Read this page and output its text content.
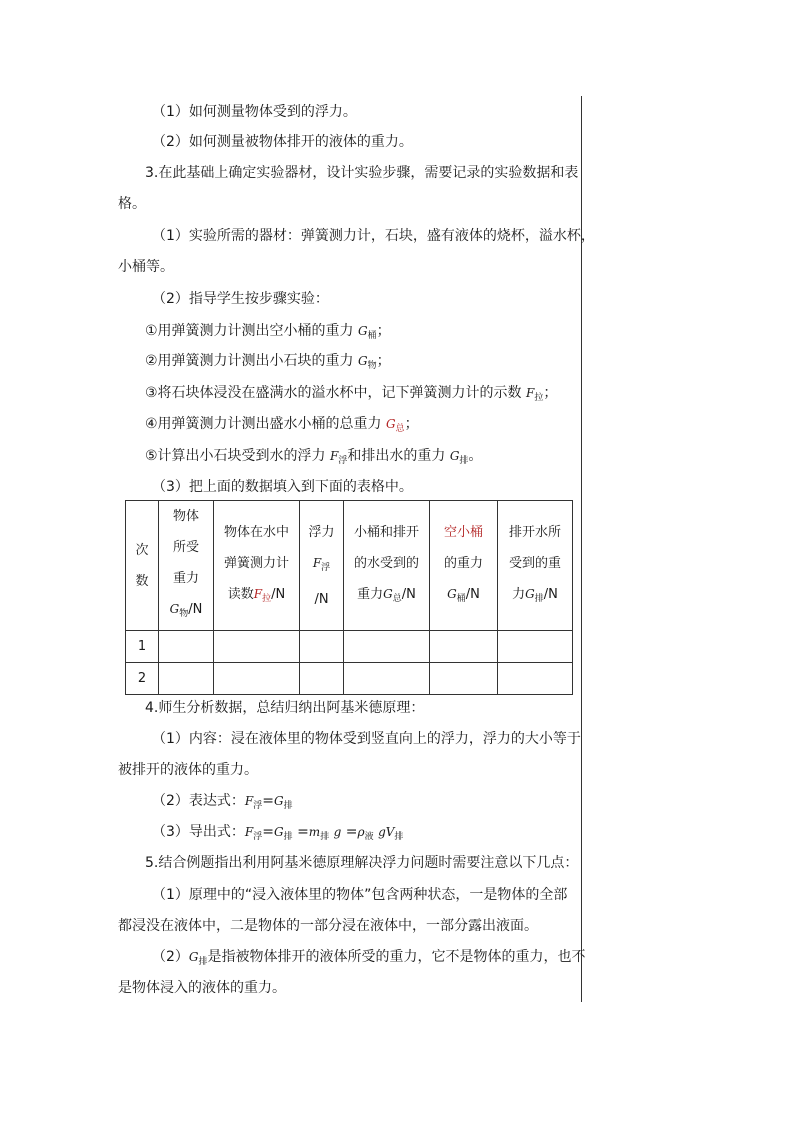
（1）如何测量物体受到的浮力。
（2）如何测量被物体排开的液体的重力。
3.在此基础上确定实验器材，设计实验步骤，需要记录的实验数据和表
格。
（1）实验所需的器材：弹簧测力计，石块，盛有液体的烧杯，溢水杯，
小桶等。
（2）指导学生按步骤实验：
①用弹簧测力计测出空小桶的重力 $G_桶$；
②用弹簧测力计测出小石块的重力 $G_物$；
③将石块体浸没在盛满水的溢水杯中，记下弹簧测力计的示数 $F_拉$；
④用弹簧测力计测出盛水小桶的总重力 $G_总$；
⑤计算出小石块受到水的浮力 $F_浮$和排出水的重力 $G_排$。
（3）把上面的数据填入到下面的表格中。
次
数	物体
所受
重力
$G_物/N$	物体在水中
弹簧测力计
读数$F_拉/N$	浮力
$F_浮$
/N	小桶和排开
的水受到的
重力$G_总/N$	空小桶
的重力
$G_桶/N$	排开水所
受到的重
力$G_排/N$
1						
2						
4.师生分析数据，总结归纳出阿基米德原理：
（1）内容：浸在液体里的物体受到竖直向上的浮力，浮力的大小等于
被排开的液体的重力。
（2）表达式：$F_浮=G_排$
（3）导出式：$F_浮=G_排 =m_排$ $g =\rho_液$ $gV_排$
5.结合例题指出利用阿基米德原理解决浮力问题时需要注意以下几点：
（1）原理中的“浸入液体里的物体”包含两种状态，一是物体的全部
都浸没在液体中，二是物体的一部分浸在液体中，一部分露出液面。
$(2)G_排$是指被物体排开的液体所受的重力，它不是物体的重力，也不
是物体浸入的液体的重力。
